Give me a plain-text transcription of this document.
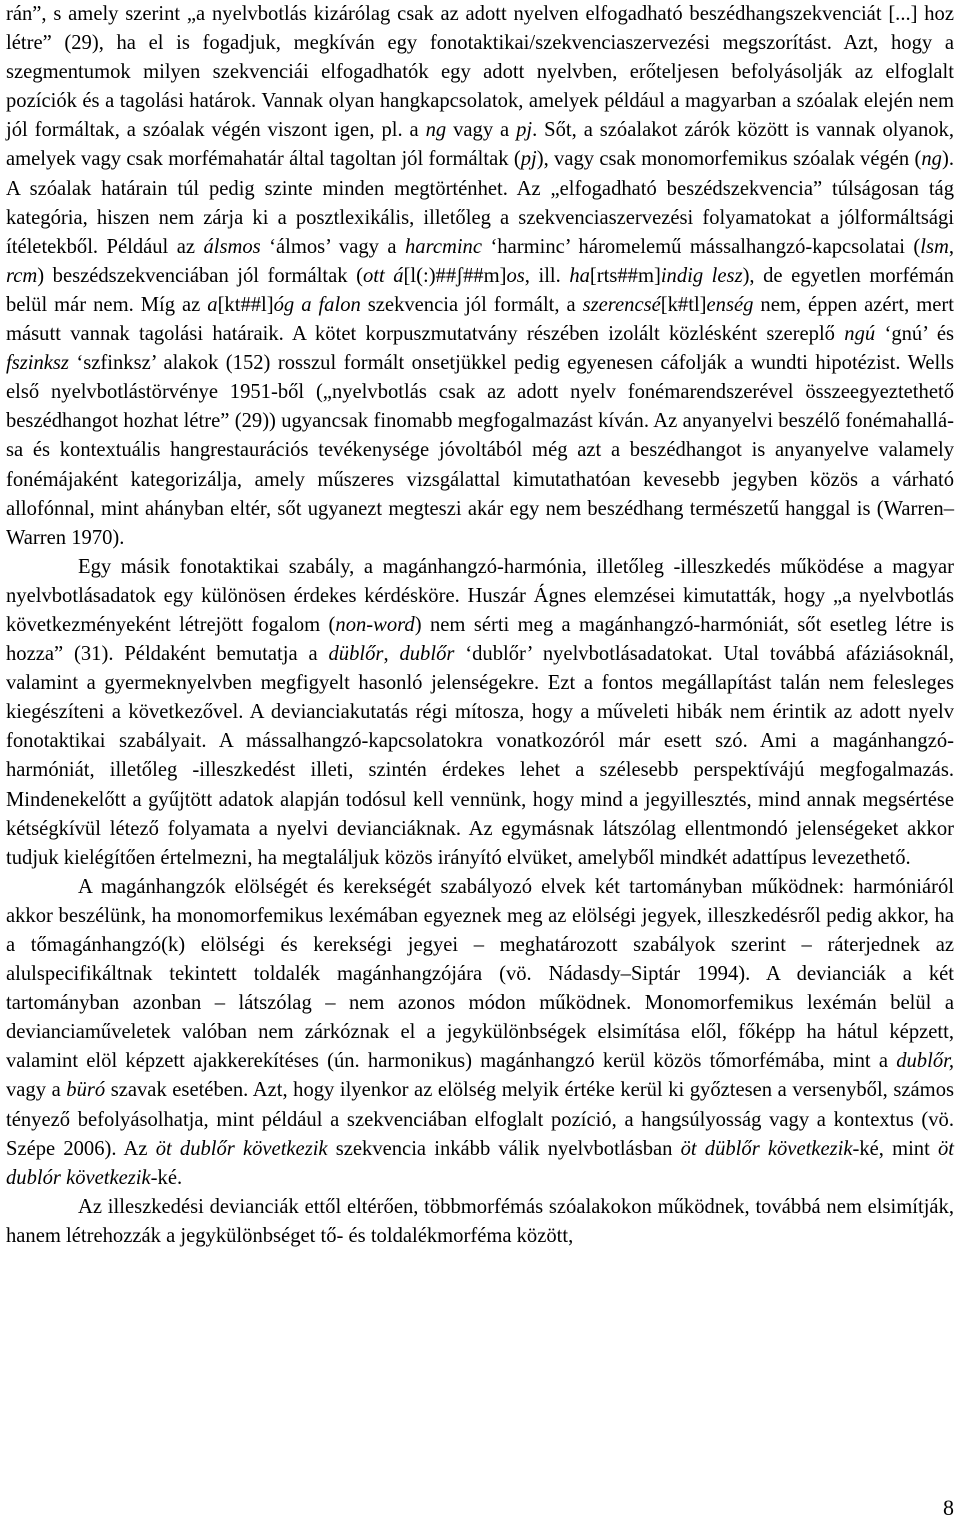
rán”, s amely szerint „a nyelvbotlás kizárólag csak az adott nyelven elfogadható beszédhangszekvenciát [...] hoz létre” (29), ha el is fogadjuk, megkíván egy fonotaktikai/szekvenciaszervezési megszorítást. Azt, hogy a szegmentumok milyen szekvenciái elfogadhatók egy adott nyelvben, erőteljesen befolyásolják az elfoglalt pozíciók és a tagolási határok. Vannak olyan hangkapcsolatok, amelyek például a magyarban a szóalak elején nem jól formáltak, a szóalak végén viszont igen, pl. a ng vagy a pj. Sőt, a szóalakot zárók között is vannak olyanok, amelyek vagy csak morfémahatár által tagoltan jól formáltak (pj), vagy csak monomorfemikus szóalak végén (ng). A szóalak határain túl pedig szinte minden megtörténhet. Az „elfogadható beszédszekvencia” túlságosan tág kategória, hiszen nem zárja ki a posztlexikális, illetőleg a szekvenciaszervezési folyamatokat a jólformáltsági ítéletekből. Például az álsmos ‘álmos’ vagy a harcminc ‘harminc’ háromelemű mássalhangzó-kapcsolatai (lsm, rcm) beszédszekvenciában jól formáltak (ott á[l(:)##ʃ##m]os, ill. ha[rts##m]indig lesz), de egyetlen morfémán belül már nem. Míg az a[kt##l]óg a falon szekvencia jól formált, a szerencsé[k#tl]enség nem, éppen azért, mert másutt vannak tagolási határaik. A kötet korpuszmutatvány részében izolált közlésként szereplő ngú ‘gnú’ és fszinksz ‘szfinksz’ alakok (152) rosszul formált onsetjükkel pedig egyenesen cáfolják a wundti hipotézist. Wells első nyelvbotlástörvénye 1951-ből („nyelvbotlás csak az adott nyelv fonémarendszerével összeegyeztethető beszédhangot hozhat létre” (29)) ugyancsak finomabb megfogalmazást kíván. Az anyanyelvi beszélő fonémahallása és kontextuális hangrestaurációs tevékenysége jóvoltából még azt a beszédhangot is anyanyelve valamely fonémájaként kategorizálja, amely műszeres vizsgálattal kimutathatóan kevesebb jegyben közös a várható allofónnal, mint ahányban eltér, sőt ugyanezt megteszi akár egy nem beszédhang természetű hanggal is (Warren–Warren 1970).

Egy másik fonotaktikai szabály, a magánhangzó-harmónia, illetőleg -illeszkedés működése a magyar nyelvbotlásadatok egy különösen érdekes kérdésköre. Huszár Ágnes elemzései kimutatták, hogy „a nyelvbotlás következményeként létrejött fogalom (non-word) nem sérti meg a magánhangzó-harmóniát, sőt esetleg létre is hozza” (31). Példaként bemutatja a düblőr, dublőr ‘dublőr’ nyelvbotlásadatokat. Utal továbbá afáziásoknál, valamint a gyermeknyelvben megfigyelt hasonló jelenségekre. Ezt a fontos megállapítást talán nem felesleges kiegészíteni a következővel. A devianciakutatás régi mítosza, hogy a műveleti hibák nem érintik az adott nyelv fonotaktikai szabályait. A mássalhangzó-kapcsolatokra vonatkozóról már esett szó. Ami a magánhangzó-harmóniát, illetőleg -illeszkedést illeti, szintén érdekes lehet a szélesebb perspektívájú megfogalmazás. Mindenekelőtt a gyűjtött adatok alapján todósul kell vennünk, hogy mind a jegyillesztés, mind annak megsértése kétségkívül létező folyamata a nyelvi devianciáknak. Az egymásnak látszólag ellentmondó jelenségeket akkor tudjuk kielégítően értelmezni, ha megtaláljuk közös irányító elvüket, amelyből mindkét adattípus levezethető.

A magánhangzók elölségét és kerekségét szabályozó elvek két tartományban működnek: harmóniáról akkor beszélünk, ha monomorfemikus lexémában egyeznek meg az elölségi jegyek, illeszkedésről pedig akkor, ha a tőmagánhangzó(k) elölségi és kerekségi jegyei – meghatározott szabályok szerint – ráterjednek az alulspecifikáltnak tekintett toldalék magánhangzójára (vö. Nádasdy–Siptár 1994). A devianciák a két tartományban azonban – látszólag – nem azonos módon működnek. Monomorfemikus lexémán belül a devianciaműveletek valóban nem zárkóznak el a jegykülönbségek elsimítása elől, főképp ha hátul képzett, valamint elöl képzett ajakkerekítéses (ún. harmonikus) magánhangzó kerül közös tőmorfémába, mint a dublőr, vagy a büró szavak esetében. Azt, hogy ilyenkor az elölség melyik értéke kerül ki győztesen a versenyből, számos tényező befolyásolhatja, mint például a szekvenciában elfoglalt pozíció, a hangsúlyosság vagy a kontextus (vö. Szépe 2006). Az öt dublőr következik szekvencia inkább válik nyelvbotlásban öt düblőr következik-ké, mint öt dublór következik-ké.

Az illeszkedési devianciák ettől eltérően, többmorfémás szóalakokon működnek, továbbá nem elsimítják, hanem létrehozzák a jegykülönbséget tő- és toldalékmorféma között,

8
